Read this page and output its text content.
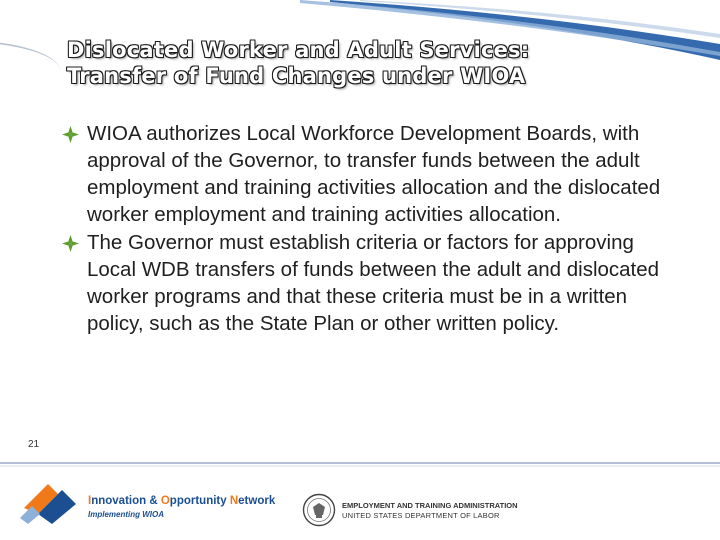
Dislocated Worker and Adult Services:
Transfer of Fund Changes under WIOA
WIOA authorizes Local Workforce Development Boards, with approval of the Governor, to transfer funds between the adult employment and training activities allocation and the dislocated worker employment and training activities allocation.
The Governor must establish criteria or factors for approving Local WDB transfers of funds between the adult and dislocated worker programs and that these criteria must be in a written policy, such as the State Plan or other written policy.
21
Innovation & Opportunity Network
Implementing WIOA
EMPLOYMENT AND TRAINING ADMINISTRATION
UNITED STATES DEPARTMENT OF LABOR
